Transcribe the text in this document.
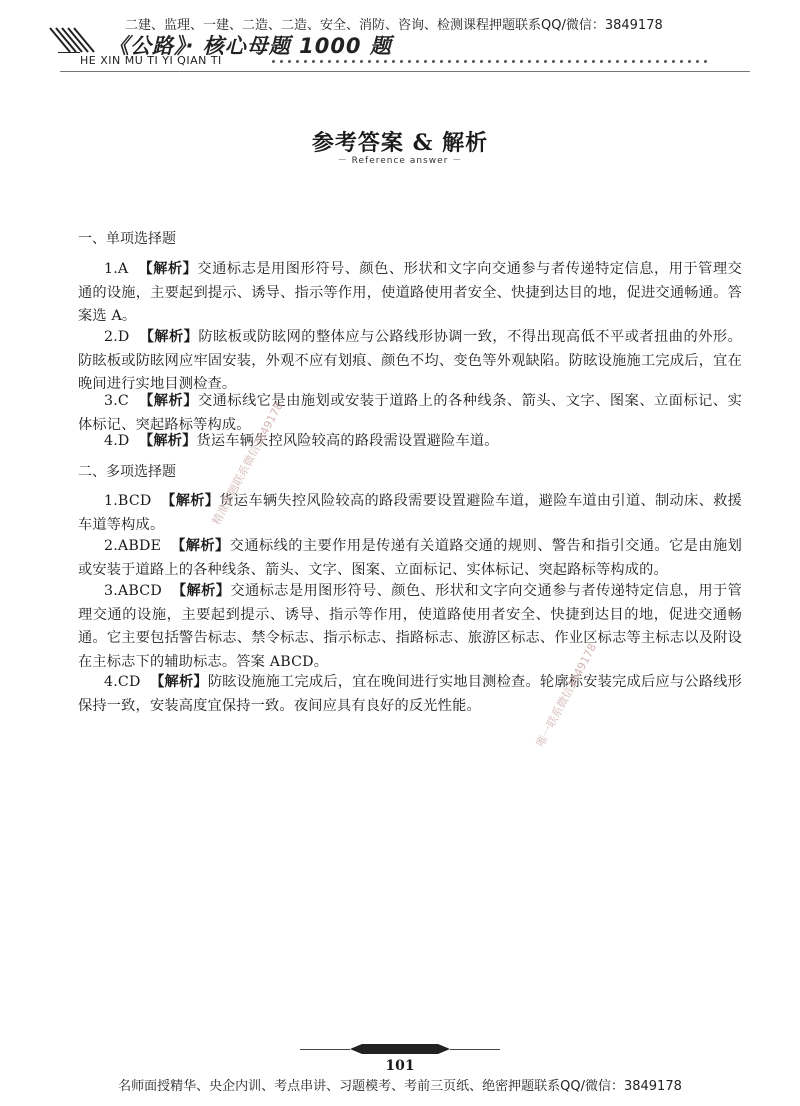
二建、监理、一建、二造、二造、安全、消防、咨询、检测课程押题联系QQ/微信：3849178
《公路》· 核心母题 1000 题
HE XIN MU TI YI QIAN TI
参考答案 & 解析
－ Reference answer －
一、单项选择题
1.A 【解析】交通标志是用图形符号、颜色、形状和文字向交通参与者传递特定信息，用于管理交通的设施，主要起到提示、诱导、指示等作用，使道路使用者安全、快捷到达目的地，促进交通畅通。答案选 A。
2.D 【解析】防眩板或防眩网的整体应与公路线形协调一致，不得出现高低不平或者扭曲的外形。防眩板或防眩网应牢固安装，外观不应有划痕、颜色不均、变色等外观缺陷。防眩设施施工完成后，宜在晚间进行实地目测检查。
3.C 【解析】交通标线它是由施划或安装于道路上的各种线条、箭头、文字、图案、立面标记、实体标记、突起路标等构成。
4.D 【解析】货运车辆失控风险较高的路段需设置避险车道。
二、多项选择题
1.BCD 【解析】货运车辆失控风险较高的路段需要设置避险车道，避险车道由引道、制动床、救援车道等构成。
2.ABDE 【解析】交通标线的主要作用是传递有关道路交通的规则、警告和指引交通。它是由施划或安装于道路上的各种线条、箭头、文字、图案、立面标记、实体标记、突起路标等构成的。
3.ABCD 【解析】交通标志是用图形符号、颜色、形状和文字向交通参与者传递特定信息，用于管理交通的设施，主要起到提示、诱导、指示等作用，使道路使用者安全、快捷到达目的地，促进交通畅通。它主要包括警告标志、禁令标志、指示标志、指路标志、旅游区标志、作业区标志等主标志以及附设在主标志下的辅助标志。答案 ABCD。
4.CD 【解析】防眩设施施工完成后，宜在晚间进行实地目测检查。轮廓标安装完成后应与公路线形保持一致，安装高度宜保持一致。夜间应具有良好的反光性能。
精准押题联系微信3849178
唯一联系微信3849178
101
名师面授精华、央企内训、考点串讲、习题模考、考前三页纸、绝密押题联系QQ/微信：3849178
